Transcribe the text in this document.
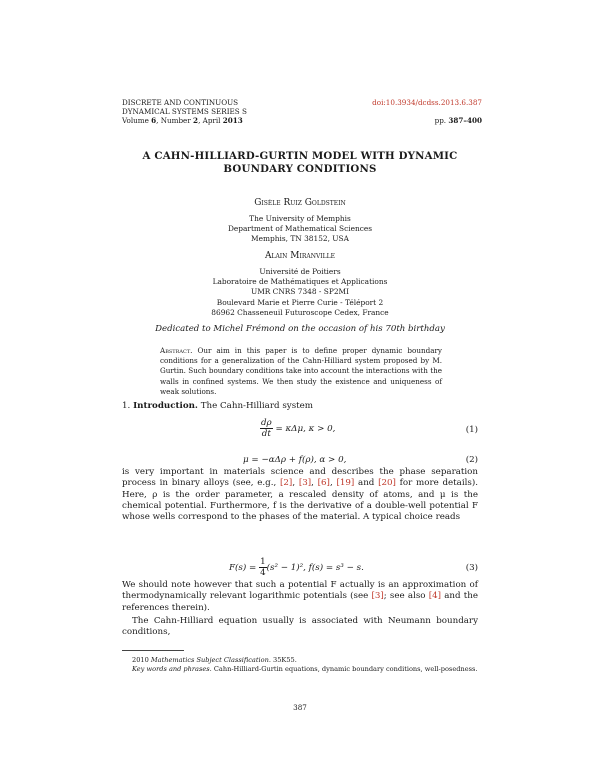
DISCRETE AND CONTINUOUS
DYNAMICAL SYSTEMS SERIES S
Volume 6, Number 2, April 2013
doi:10.3934/dcdss.2013.6.387
pp. 387–400
A CAHN-HILLIARD-GURTIN MODEL WITH DYNAMIC
BOUNDARY CONDITIONS
Gisèle Ruiz Goldstein
The University of Memphis
Department of Mathematical Sciences
Memphis, TN 38152, USA
Alain Miranville
Université de Poitiers
Laboratoire de Mathématiques et Applications
UMR CNRS 7348 - SP2MI
Boulevard Marie et Pierre Curie - Téléport 2
86962 Chasseneuil Futuroscope Cedex, France
Dedicated to Michel Frémond on the occasion of his 70th birthday
Abstract. Our aim in this paper is to define proper dynamic boundary conditions for a generalization of the Cahn-Hilliard system proposed by M. Gurtin. Such boundary conditions take into account the interactions with the walls in confined systems. We then study the existence and uniqueness of weak solutions.
1. Introduction. The Cahn-Hilliard system
$\frac{d\rho}{dt} = \kappa\Delta\mu$, κ > 0,	(1)
μ = −αΔρ + f(ρ), α > 0,	(2)
is very important in materials science and describes the phase separation process in binary alloys (see, e.g., [2], [3], [6], [19] and [20] for more details). Here, ρ is the order parameter, a rescaled density of atoms, and μ is the chemical potential. Furthermore, f is the derivative of a double-well potential F whose wells correspond to the phases of the material. A typical choice reads
$F(s) = \frac{1}{4} (s^2 - 1)^2$, f(s) = s³ − s.	(3)
We should note however that such a potential F actually is an approximation of thermodynamically relevant logarithmic potentials (see [3]; see also [4] and the references therein).
The Cahn-Hilliard equation usually is associated with Neumann boundary conditions,
2010 Mathematics Subject Classification. 35K55.
Key words and phrases. Cahn-Hilliard-Gurtin equations, dynamic boundary conditions, well-posedness.
387
